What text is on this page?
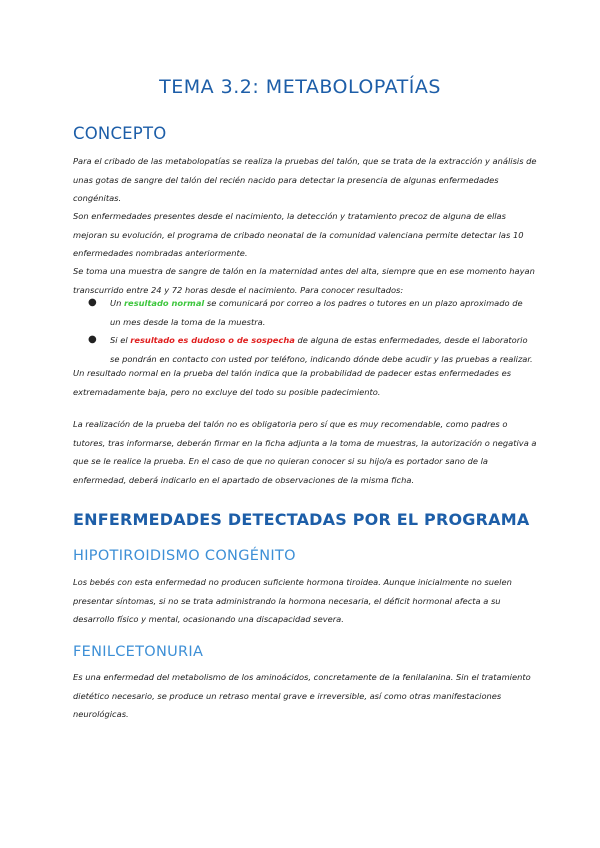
TEMA 3.2: METABOLOPATÍAS
CONCEPTO
Para el cribado de las metabolopatías se realiza la pruebas del talón, que se trata de la extracción y análisis de unas gotas de sangre del talón del recién nacido para detectar la presencia de algunas enfermedades congénitas.
Son enfermedades presentes desde el nacimiento, la detección y tratamiento precoz de alguna de ellas mejoran su evolución, el programa de cribado neonatal de la comunidad valenciana permite detectar las 10 enfermedades nombradas anteriormente.
Se toma una muestra de sangre de talón en la maternidad antes del alta, siempre que en ese momento hayan transcurrido entre 24 y 72 horas desde el nacimiento. Para conocer resultados:
● Un resultado normal se comunicará por correo a los padres o tutores en un plazo aproximado de un mes desde la toma de la muestra.
● Si el resultado es dudoso o de sospecha de alguna de estas enfermedades, desde el laboratorio se pondrán en contacto con usted por teléfono, indicando dónde debe acudir y las pruebas a realizar.
Un resultado normal en la prueba del talón indica que la probabilidad de padecer estas enfermedades es extremadamente baja, pero no excluye del todo su posible padecimiento.
La realización de la prueba del talón no es obligatoria pero sí que es muy recomendable, como padres o tutores, tras informarse, deberán firmar en la ficha adjunta a la toma de muestras, la autorización o negativa a que se le realice la prueba. En el caso de que no quieran conocer si su hijo/a es portador sano de la enfermedad, deberá indicarlo en el apartado de observaciones de la misma ficha.
ENFERMEDADES DETECTADAS POR EL PROGRAMA
HIPOTIROIDISMO CONGÉNITO
Los bebés con esta enfermedad no producen suficiente hormona tiroidea. Aunque inicialmente no suelen presentar síntomas, si no se trata administrando la hormona necesaria, el déficit hormonal afecta a su desarrollo físico y mental, ocasionando una discapacidad severa.
FENILCETONURIA
Es una enfermedad del metabolismo de los aminoácidos, concretamente de la fenilalanina. Sin el tratamiento dietético necesario, se produce un retraso mental grave e irreversible, así como otras manifestaciones neurológicas.
